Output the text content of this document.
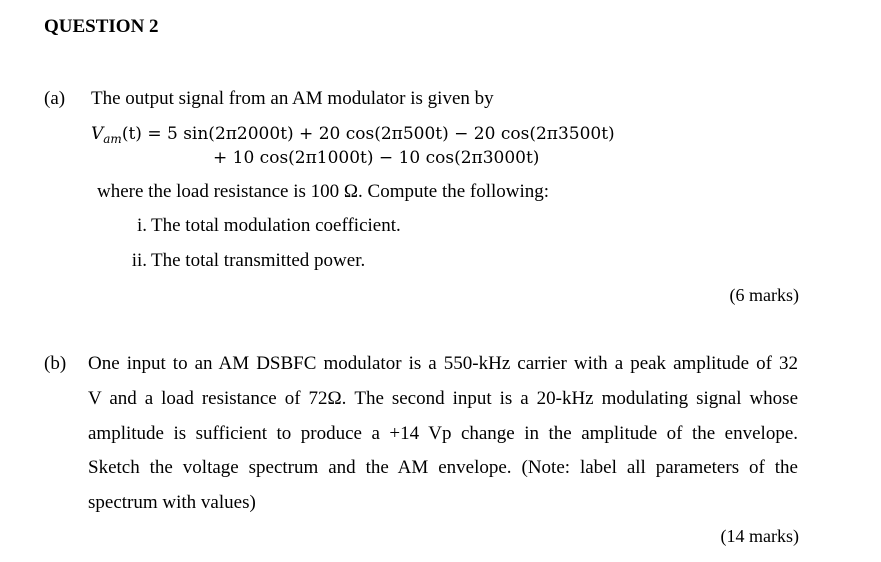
QUESTION 2
(a) The output signal from an AM modulator is given by
$V_{am}(t) = 5$ sin(2π2000t) + 20 cos(2π500t) − 20 cos(2π3500t)
+ 10 cos(2π1000t) − 10 cos(2π3000t)
where the load resistance is 100 Ω. Compute the following:
i. The total modulation coefficient.
ii. The total transmitted power.
(6 marks)
(b) One input to an AM DSBFC modulator is a 550-kHz carrier with a peak amplitude of 32
V and a load resistance of 72Ω. The second input is a 20-kHz modulating signal whose
amplitude is sufficient to produce a +14 Vp change in the amplitude of the envelope.
Sketch the voltage spectrum and the AM envelope. (Note: label all parameters of the
spectrum with values)
(14 marks)
